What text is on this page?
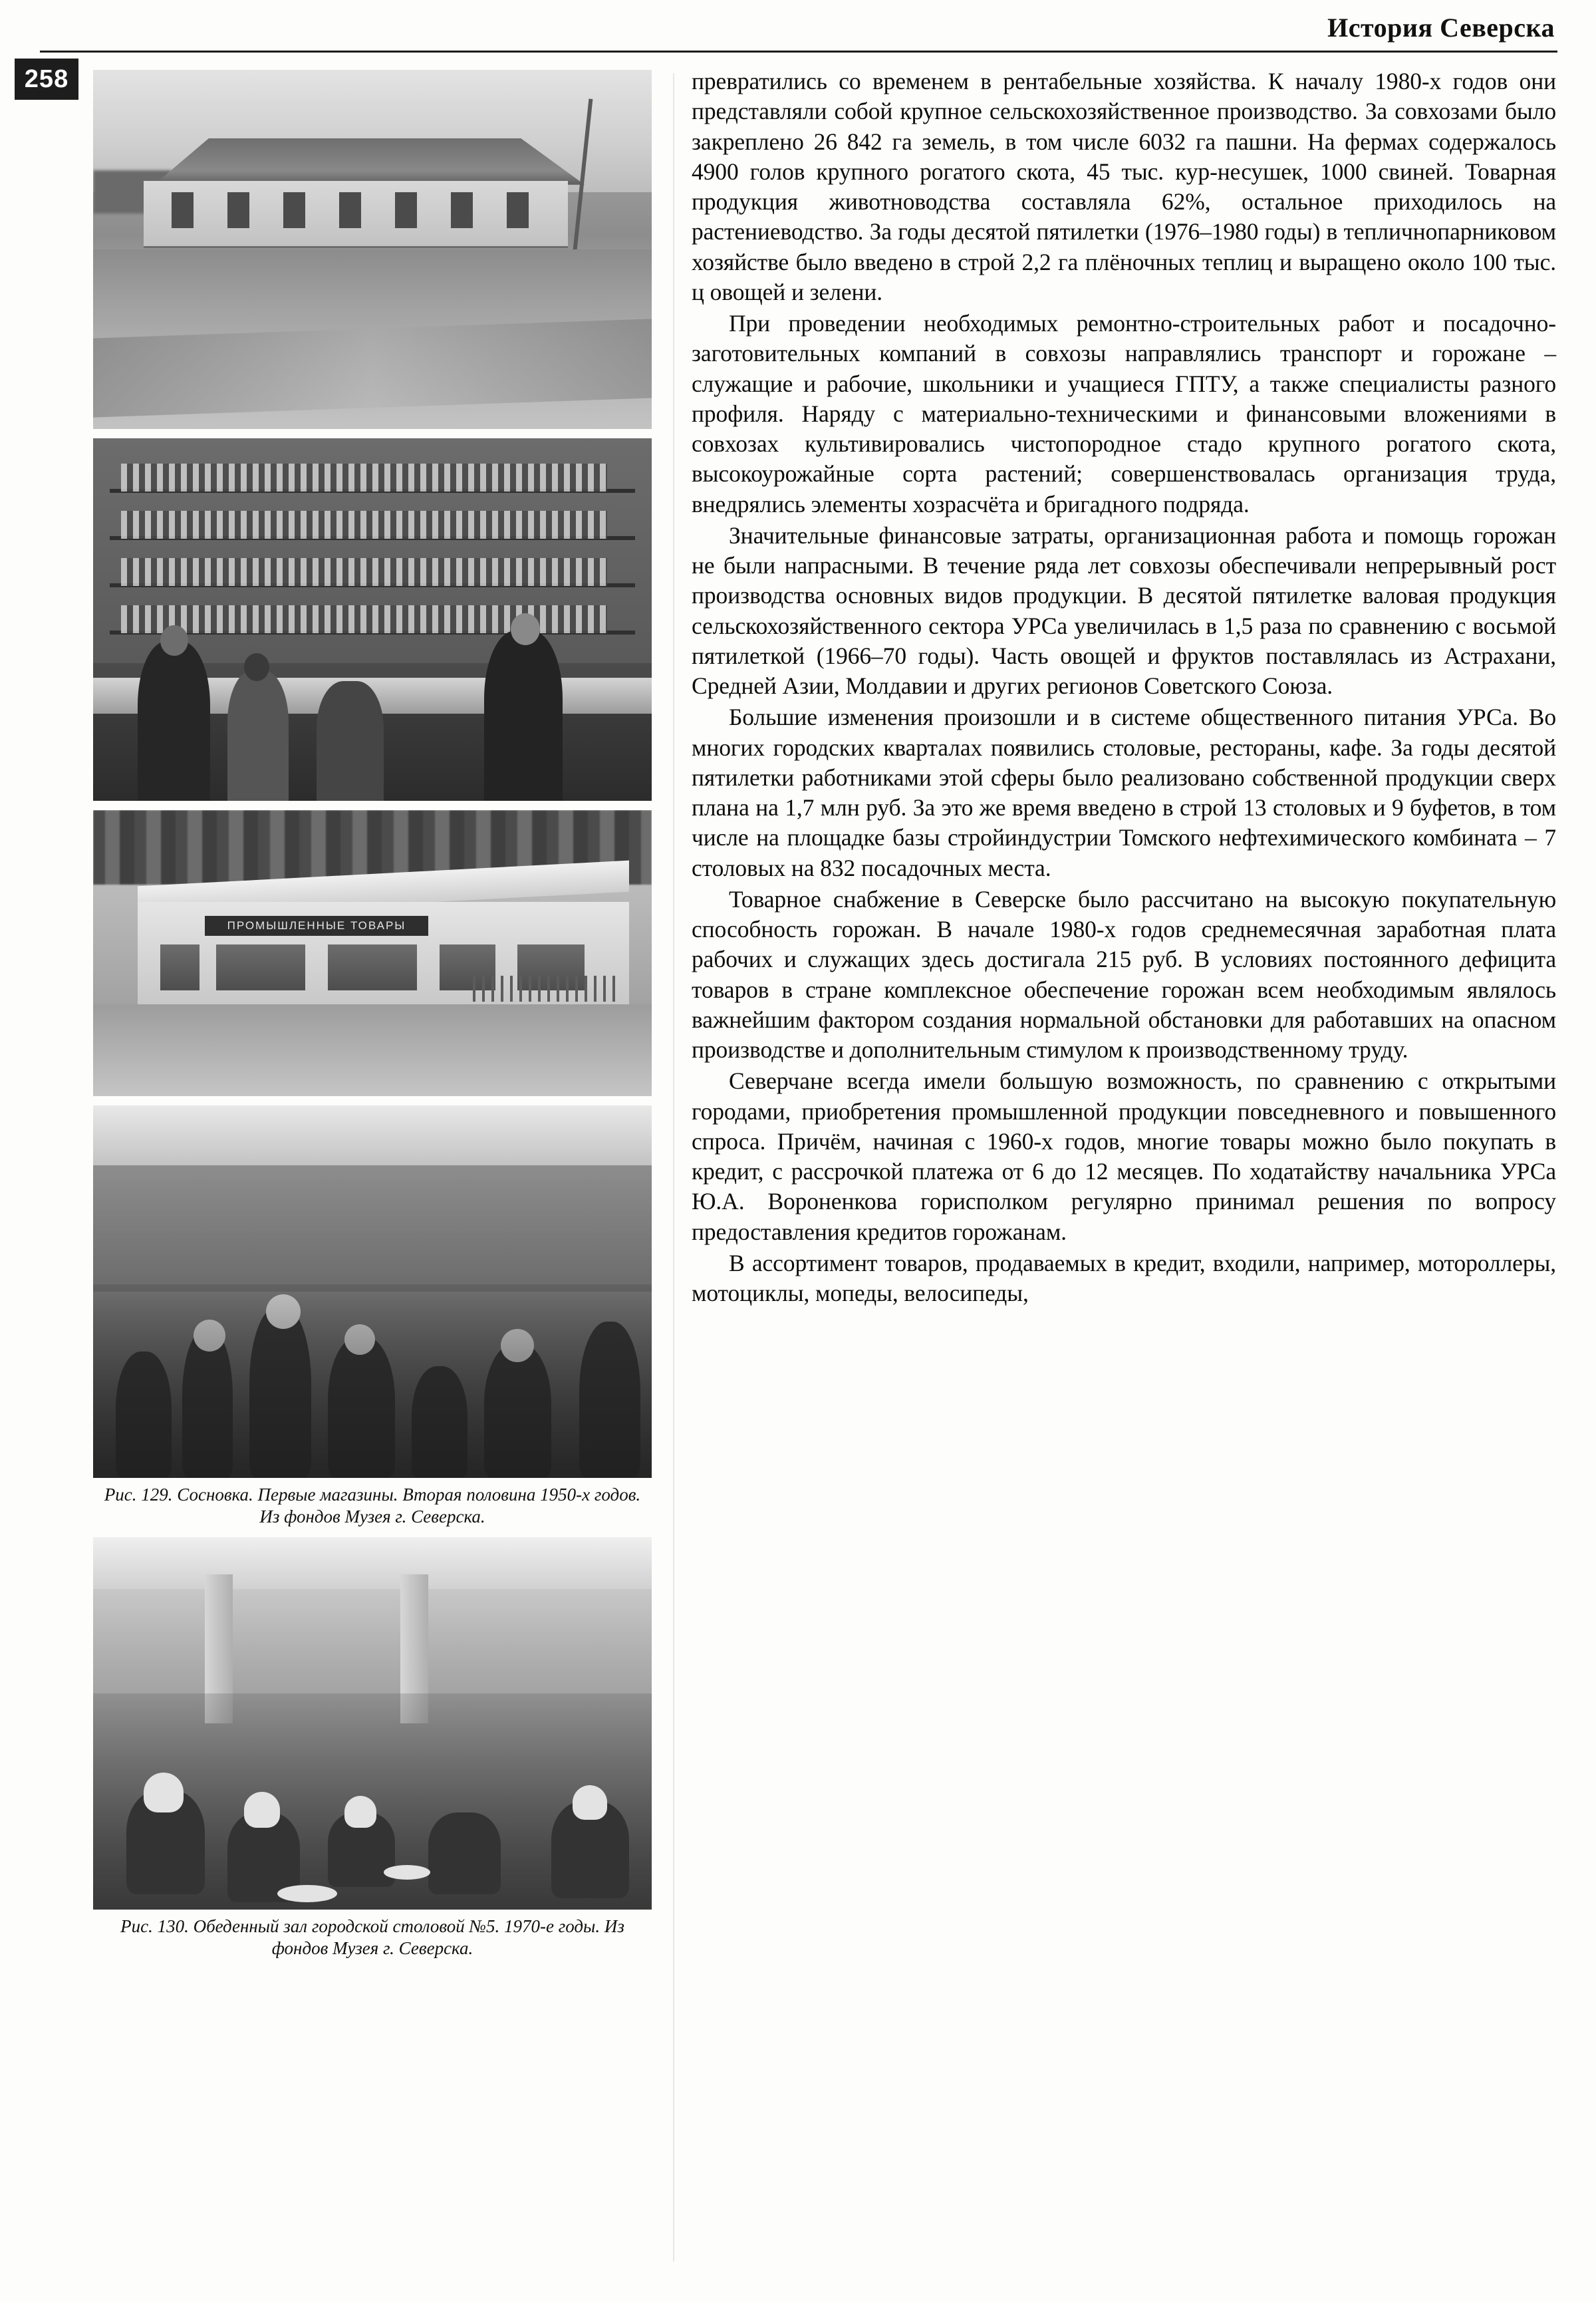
История Северска
258
ПРОМЫШЛЕННЫЕ ТОВАРЫ
Рис. 129. Сосновка. Первые магазины. Вторая половина 1950-х годов. Из фондов Музея г. Северска.
Рис. 130. Обеденный зал городской столовой №5. 1970-е годы. Из фондов Музея г. Северска.

превратились со временем в рентабельные хозяйства. К началу 1980-х годов они представляли собой крупное сельскохозяйственное производство. За совхозами было закреплено 26 842 га земель, в том числе 6032 га пашни. На фермах содержалось 4900 голов крупного рогатого скота, 45 тыс. кур-несушек, 1000 свиней. Товарная продукция животноводства составляла 62%, остальное приходилось на растениеводство. За годы десятой пятилетки (1976–1980 годы) в тепличнопарниковом хозяйстве было введено в строй 2,2 га плёночных теплиц и выращено около 100 тыс. ц овощей и зелени.

При проведении необходимых ремонтно-строительных работ и посадочно-заготовительных компаний в совхозы направлялись транспорт и горожане – служащие и рабочие, школьники и учащиеся ГПТУ, а также специалисты разного профиля. Наряду с материально-техническими и финансовыми вложениями в совхозах культивировались чистопородное стадо крупного рогатого скота, высокоурожайные сорта растений; совершенствовалась организация труда, внедрялись элементы хозрасчёта и бригадного подряда.

Значительные финансовые затраты, организационная работа и помощь горожан не были напрасными. В течение ряда лет совхозы обеспечивали непрерывный рост производства основных видов продукции. В десятой пятилетке валовая продукция сельскохозяйственного сектора УРСа увеличилась в 1,5 раза по сравнению с восьмой пятилеткой (1966–70 годы). Часть овощей и фруктов поставлялась из Астрахани, Средней Азии, Молдавии и других регионов Советского Союза.

Большие изменения произошли и в системе общественного питания УРСа. Во многих городских кварталах появились столовые, рестораны, кафе. За годы десятой пятилетки работниками этой сферы было реализовано собственной продукции сверх плана на 1,7 млн руб. За это же время введено в строй 13 столовых и 9 буфетов, в том числе на площадке базы стройиндустрии Томского нефтехимического комбината – 7 столовых на 832 посадочных места.

Товарное снабжение в Северске было рассчитано на высокую покупательную способность горожан. В начале 1980-х годов среднемесячная заработная плата рабочих и служащих здесь достигала 215 руб. В условиях постоянного дефицита товаров в стране комплексное обеспечение горожан всем необходимым являлось важнейшим фактором создания нормальной обстановки для работавших на опасном производстве и дополнительным стимулом к производственному труду.

Северчане всегда имели большую возможность, по сравнению с открытыми городами, приобретения промышленной продукции повседневного и повышенного спроса. Причём, начиная с 1960-х годов, многие товары можно было покупать в кредит, с рассрочкой платежа от 6 до 12 месяцев. По ходатайству начальника УРСа Ю.А. Вороненкова горисполком регулярно принимал решения по вопросу предоставления кредитов горожанам.

В ассортимент товаров, продаваемых в кредит, входили, например, мотороллеры, мотоциклы, мопеды, велосипеды,
